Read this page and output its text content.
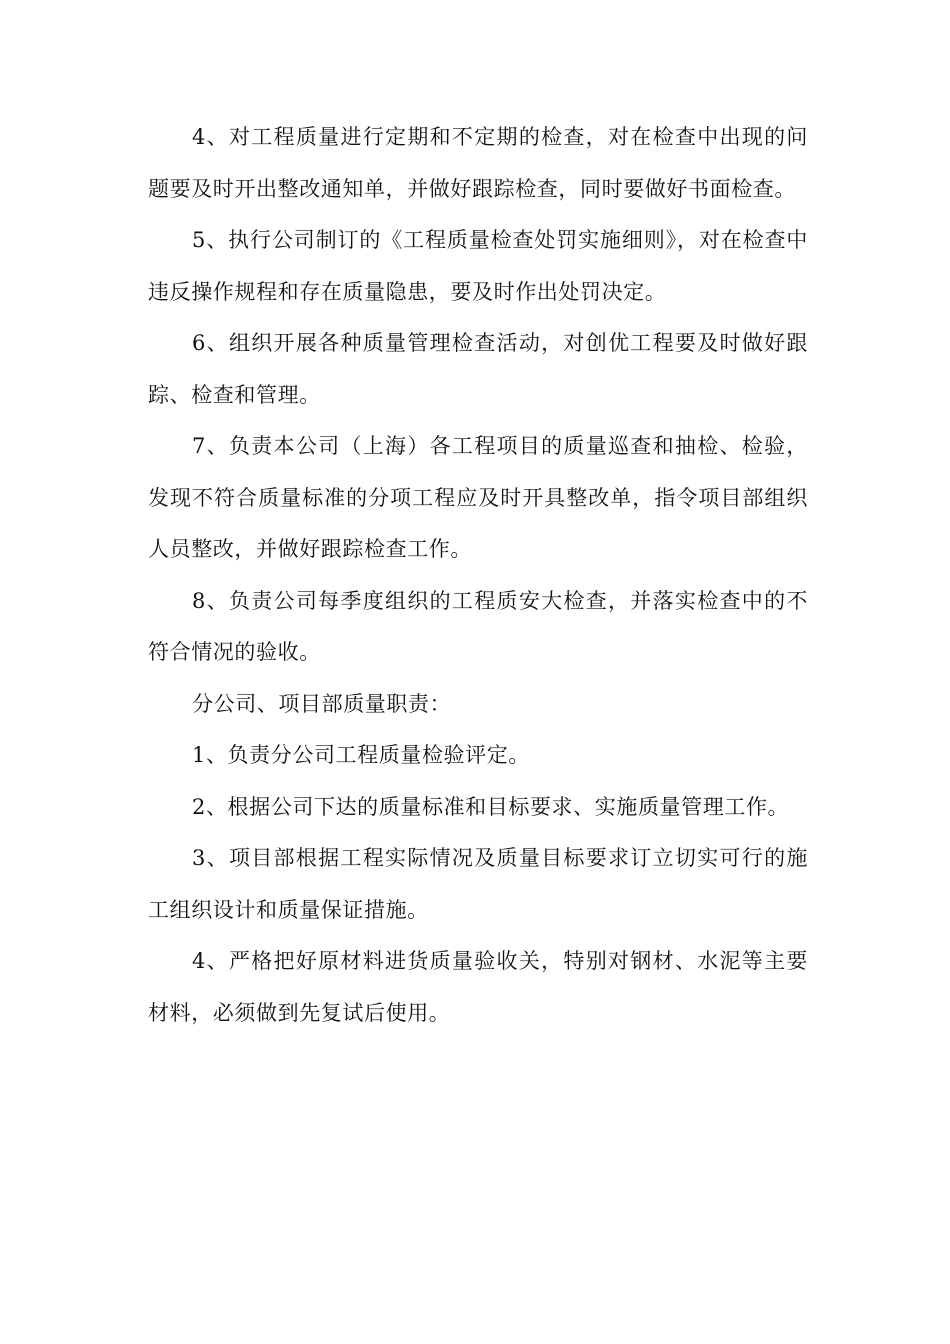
4、对工程质量进行定期和不定期的检查，对在检查中出现的问题要及时开出整改通知单，并做好跟踪检查，同时要做好书面检查。

5、执行公司制订的《工程质量检查处罚实施细则》，对在检查中违反操作规程和存在质量隐患，要及时作出处罚决定。

6、组织开展各种质量管理检查活动，对创优工程要及时做好跟踪、检查和管理。

7、负责本公司（上海）各工程项目的质量巡查和抽检、检验，发现不符合质量标准的分项工程应及时开具整改单，指令项目部组织人员整改，并做好跟踪检查工作。

8、负责公司每季度组织的工程质安大检查，并落实检查中的不符合情况的验收。

分公司、项目部质量职责：

1、负责分公司工程质量检验评定。

2、根据公司下达的质量标准和目标要求、实施质量管理工作。

3、项目部根据工程实际情况及质量目标要求订立切实可行的施工组织设计和质量保证措施。

4、严格把好原材料进货质量验收关，特别对钢材、水泥等主要材料，必须做到先复试后使用。
